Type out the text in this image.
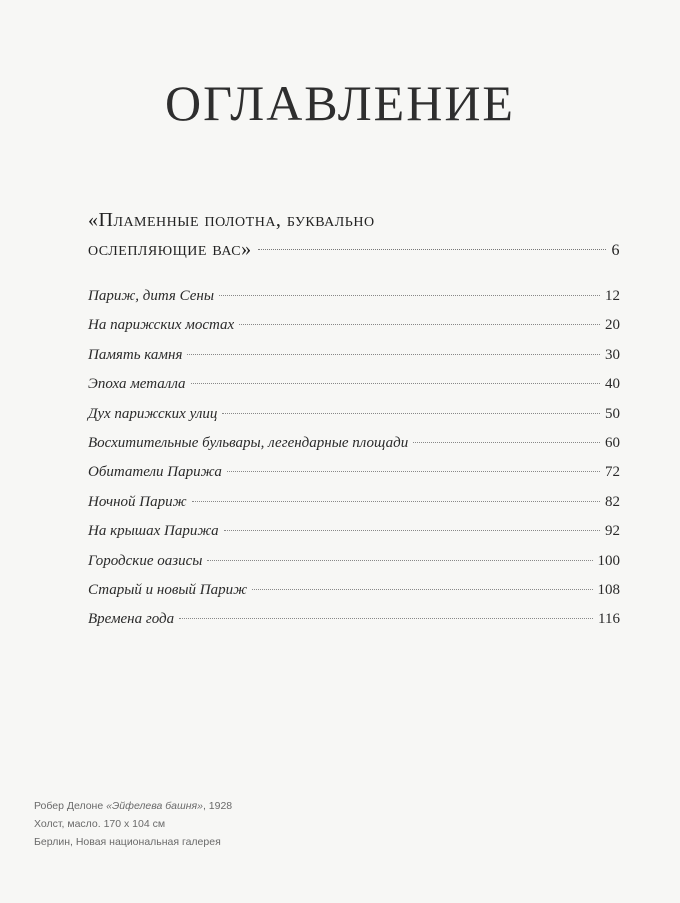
ОГЛАВЛЕНИЕ
«Пламенные полотна, буквально
ослепляющие вас»	6
Париж, дитя Сены	12
На парижских мостах	20
Память камня	30
Эпоха металла	40
Дух парижских улиц	50
Восхитительные бульвары, легендарные площади	60
Обитатели Парижа	72
Ночной Париж	82
На крышах Парижа	92
Городские оазисы	100
Старый и новый Париж	108
Времена года	116
Робер Делоне «Эйфелева башня», 1928
Холст, масло. 170 x 104 см
Берлин, Новая национальная галерея
